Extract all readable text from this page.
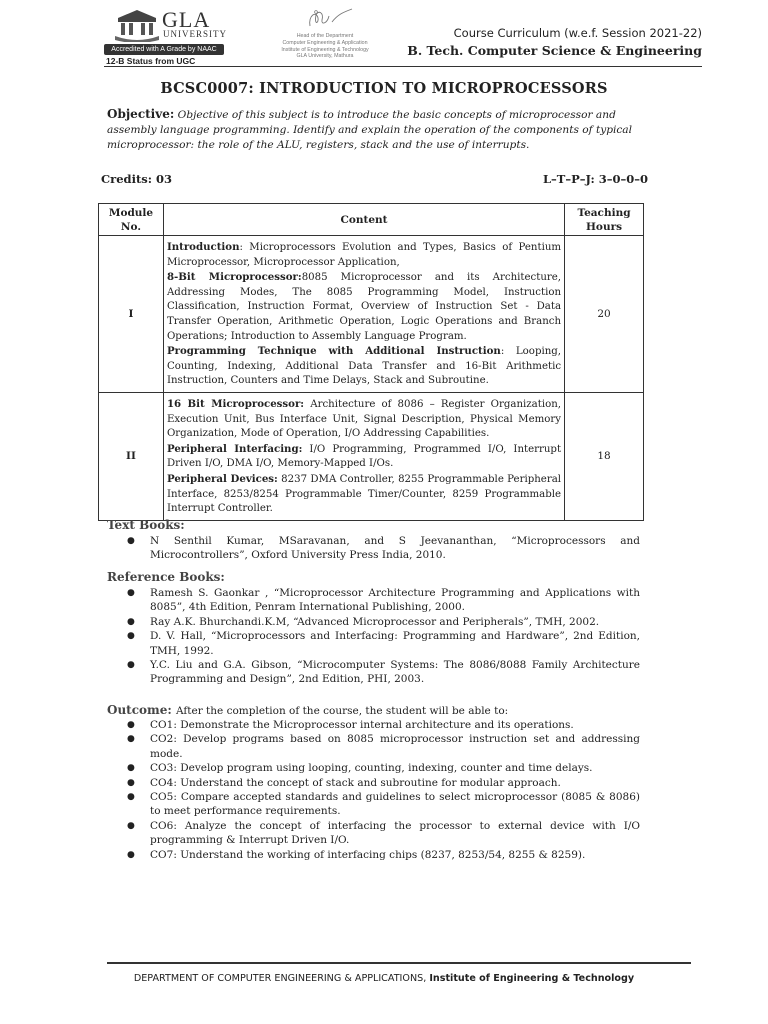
GLA
UNIVERSITY
Accredited with A Grade by NAAC
12-B Status from UGC
Head of the Department
Computer Engineering & Application
Institute of Engineering & Technology
GLA University, Mathura
Course Curriculum (w.e.f. Session 2021-22)
B. Tech. Computer Science & Engineering
BCSC0007: INTRODUCTION TO MICROPROCESSORS
Objective: Objective of this subject is to introduce the basic concepts of microprocessor and assembly language programming. Identify and explain the operation of the components of typical microprocessor: the role of the ALU, registers, stack and the use of interrupts.
Credits: 03	L–T–P–J: 3–0–0–0
Module No.	Content	Teaching Hours
I	Introduction: Microprocessors Evolution and Types, Basics of Pentium Microprocessor, Microprocessor Application,

8-Bit Microprocessor:8085 Microprocessor and its Architecture, Addressing Modes, The 8085 Programming Model, Instruction Classification, Instruction Format, Overview of Instruction Set - Data Transfer Operation, Arithmetic Operation, Logic Operations and Branch Operations; Introduction to Assembly Language Program.

Programming Technique with Additional Instruction: Looping, Counting, Indexing, Additional Data Transfer and 16-Bit Arithmetic Instruction, Counters and Time Delays, Stack and Subroutine.	20
II	16 Bit Microprocessor: Architecture of 8086 – Register Organization, Execution Unit, Bus Interface Unit, Signal Description, Physical Memory Organization, Mode of Operation, I/O Addressing Capabilities.

Peripheral Interfacing: I/O Programming, Programmed I/O, Interrupt Driven I/O, DMA I/O, Memory-Mapped I/Os.

Peripheral Devices: 8237 DMA Controller, 8255 Programmable Peripheral Interface, 8253/8254 Programmable Timer/Counter, 8259 Programmable Interrupt Controller.	18
Text Books:
● N Senthil Kumar, MSaravanan, and S Jeevananthan, “Microprocessors and Microcontrollers”, Oxford University Press India, 2010.
Reference Books:
● Ramesh S. Gaonkar , “Microprocessor Architecture Programming and Applications with 8085”, 4th Edition, Penram International Publishing, 2000.
● Ray A.K. Bhurchandi.K.M, “Advanced Microprocessor and Peripherals”, TMH, 2002.
● D. V. Hall, “Microprocessors and Interfacing: Programming and Hardware”, 2nd Edition, TMH, 1992.
● Y.C. Liu and G.A. Gibson, “Microcomputer Systems: The 8086/8088 Family Architecture Programming and Design”, 2nd Edition, PHI, 2003.
Outcome: After the completion of the course, the student will be able to:
● CO1: Demonstrate the Microprocessor internal architecture and its operations.
● CO2: Develop programs based on 8085 microprocessor instruction set and addressing mode.
● CO3: Develop program using looping, counting, indexing, counter and time delays.
● CO4: Understand the concept of stack and subroutine for modular approach.
● CO5: Compare accepted standards and guidelines to select microprocessor (8085 & 8086) to meet performance requirements.
● CO6: Analyze the concept of interfacing the processor to external device with I/O programming & Interrupt Driven I/O.
● CO7: Understand the working of interfacing chips (8237, 8253/54, 8255 & 8259).
DEPARTMENT OF COMPUTER ENGINEERING & APPLICATIONS, Institute of Engineering & Technology
